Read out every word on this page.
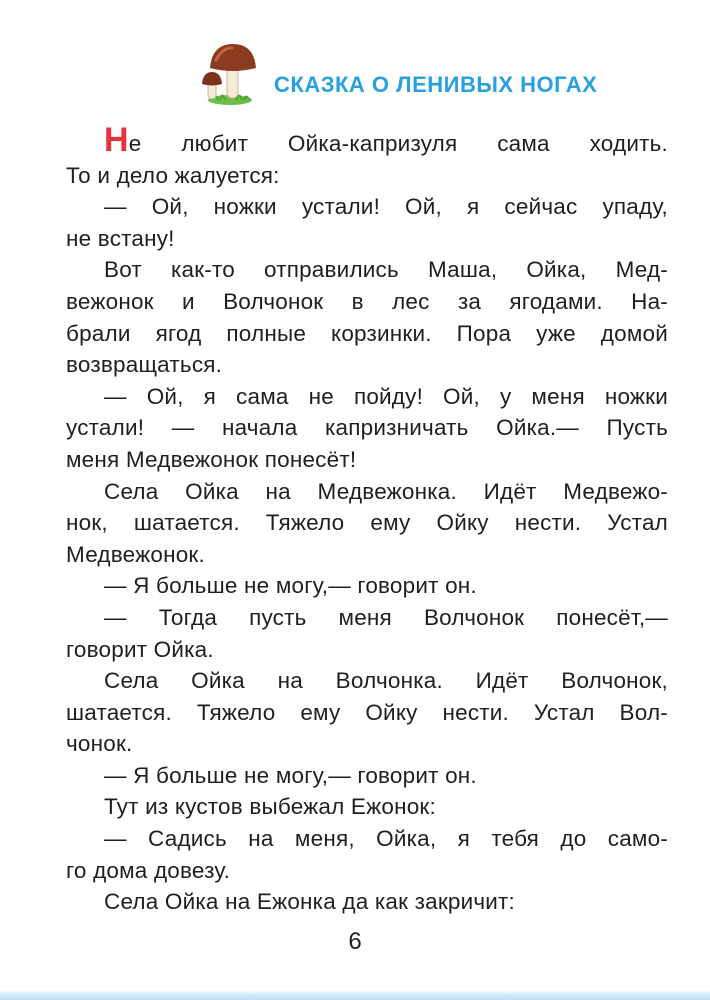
СКАЗКА О ЛЕНИВЫХ НОГАХ
Не любит Ойка-капризуля сама ходить.
То и дело жалуется:
— Ой, ножки устали! Ой, я сейчас упаду,
не встану!
Вот как-то отправились Маша, Ойка, Мед-
вежонок и Волчонок в лес за ягодами. На-
брали ягод полные корзинки. Пора уже домой
возвращаться.
— Ой, я сама не пойду! Ой, у меня ножки
устали! — начала капризничать Ойка.— Пусть
меня Медвежонок понесёт!
Села Ойка на Медвежонка. Идёт Медвежо-
нок, шатается. Тяжело ему Ойку нести. Устал
Медвежонок.
— Я больше не могу,— говорит он.
— Тогда пусть меня Волчонок понесёт,—
говорит Ойка.
Села Ойка на Волчонка. Идёт Волчонок,
шатается. Тяжело ему Ойку нести. Устал Вол-
чонок.
— Я больше не могу,— говорит он.
Тут из кустов выбежал Ежонок:
— Садись на меня, Ойка, я тебя до само-
го дома довезу.
Села Ойка на Ежонка да как закричит:
6
